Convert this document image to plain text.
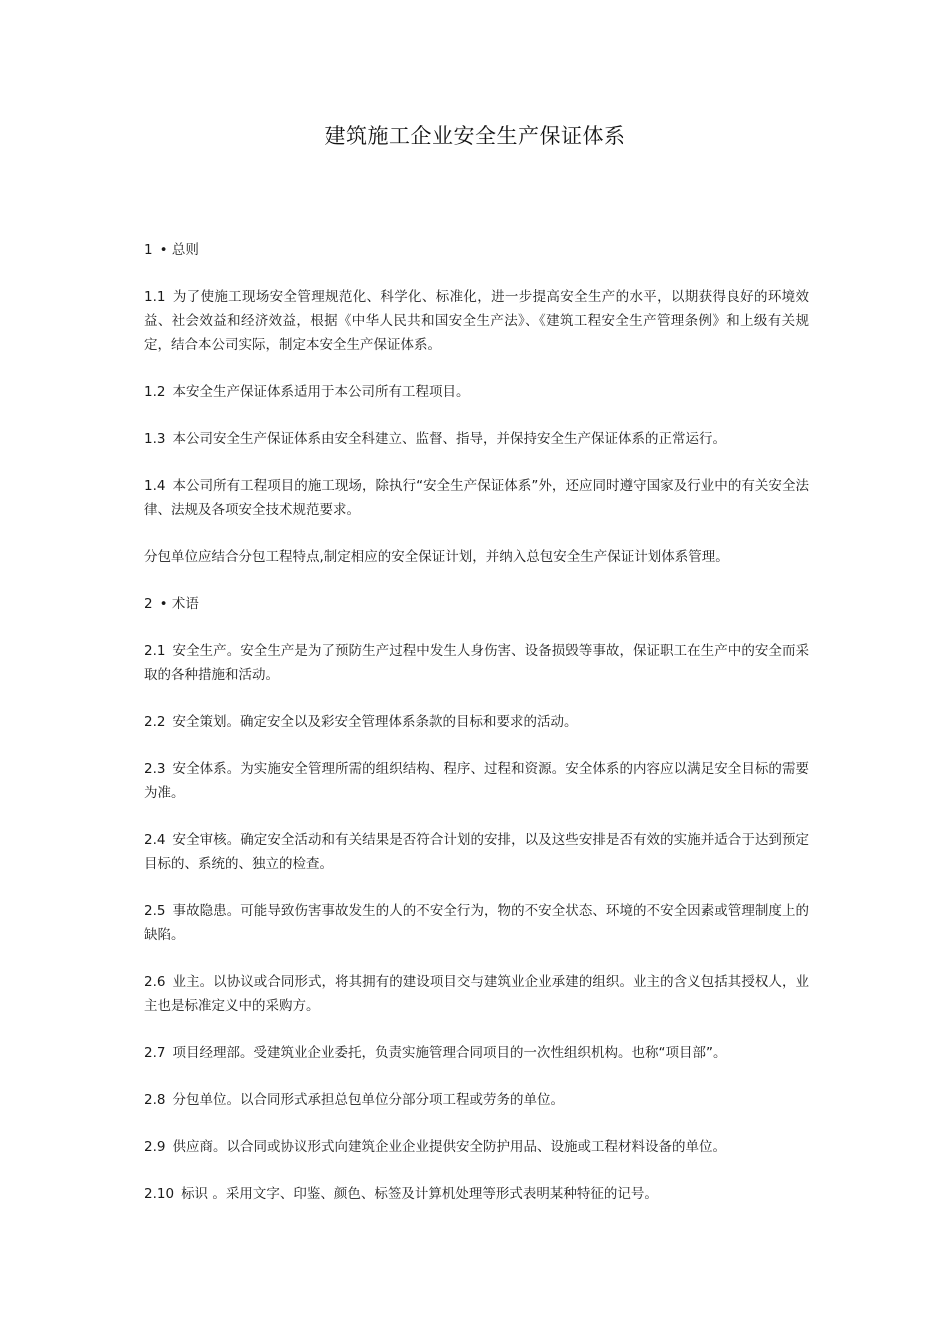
建筑施工企业安全生产保证体系

1 • 总则

1.1 为了使施工现场安全管理规范化、科学化、标准化，进一步提高安全生产的水平，以期获得良好的环境效益、社会效益和经济效益，根据《中华人民共和国安全生产法》、《建筑工程安全生产管理条例》和上级有关规定，结合本公司实际，制定本安全生产保证体系。

1.2 本安全生产保证体系适用于本公司所有工程项目。

1.3 本公司安全生产保证体系由安全科建立、监督、指导，并保持安全生产保证体系的正常运行。

1.4 本公司所有工程项目的施工现场，除执行“安全生产保证体系”外，还应同时遵守国家及行业中的有关安全法律、法规及各项安全技术规范要求。

分包单位应结合分包工程特点,制定相应的安全保证计划，并纳入总包安全生产保证计划体系管理。

2 • 术语

2.1 安全生产。安全生产是为了预防生产过程中发生人身伤害、设备损毁等事故，保证职工在生产中的安全而采取的各种措施和活动。

2.2 安全策划。确定安全以及彩安全管理体系条款的目标和要求的活动。

2.3 安全体系。为实施安全管理所需的组织结构、程序、过程和资源。安全体系的内容应以满足安全目标的需要为准。

2.4 安全审核。确定安全活动和有关结果是否符合计划的安排，以及这些安排是否有效的实施并适合于达到预定目标的、系统的、独立的检查。

2.5 事故隐患。可能导致伤害事故发生的人的不安全行为，物的不安全状态、环境的不安全因素或管理制度上的缺陷。

2.6 业主。以协议或合同形式，将其拥有的建设项目交与建筑业企业承建的组织。业主的含义包括其授权人，业主也是标准定义中的采购方。

2.7 项目经理部。受建筑业企业委托，负责实施管理合同项目的一次性组织机构。也称“项目部”。

2.8 分包单位。以合同形式承担总包单位分部分项工程或劳务的单位。

2.9 供应商。以合同或协议形式向建筑企业企业提供安全防护用品、设施或工程材料设备的单位。

2.10 标识 。采用文字、印鉴、颜色、标签及计算机处理等形式表明某种特征的记号。
